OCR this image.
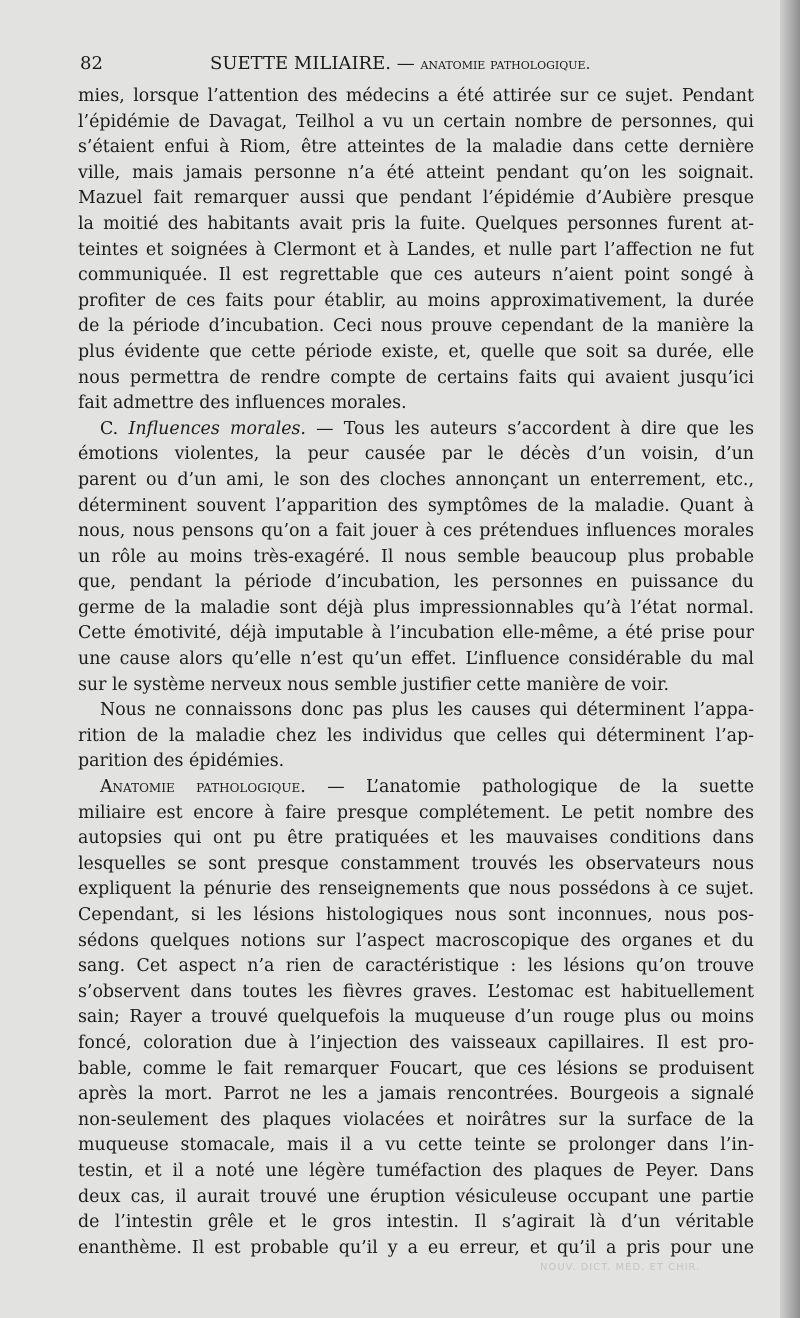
82	SUETTE MILIAIRE. — anatomie pathologique.
mies, lorsque l’attention des médecins a été attirée sur ce sujet. Pendant
l’épidémie de Davagat, Teilhol a vu un certain nombre de personnes, qui
s’étaient enfui à Riom, être atteintes de la maladie dans cette dernière
ville, mais jamais personne n’a été atteint pendant qu’on les soignait.
Mazuel fait remarquer aussi que pendant l’épidémie d’Aubière presque
la moitié des habitants avait pris la fuite. Quelques personnes furent at-
teintes et soignées à Clermont et à Landes, et nulle part l’affection ne fut
communiquée. Il est regrettable que ces auteurs n’aient point songé à
profiter de ces faits pour établir, au moins approximativement, la durée
de la période d’incubation. Ceci nous prouve cependant de la manière la
plus évidente que cette période existe, et, quelle que soit sa durée, elle
nous permettra de rendre compte de certains faits qui avaient jusqu’ici
fait admettre des influences morales.
C. Influences morales. — Tous les auteurs s’accordent à dire que les
émotions violentes, la peur causée par le décès d’un voisin, d’un
parent ou d’un ami, le son des cloches annonçant un enterrement, etc.,
déterminent souvent l’apparition des symptômes de la maladie. Quant à
nous, nous pensons qu’on a fait jouer à ces prétendues influences morales
un rôle au moins très-exagéré. Il nous semble beaucoup plus probable
que, pendant la période d’incubation, les personnes en puissance du
germe de la maladie sont déjà plus impressionnables qu’à l’état normal.
Cette émotivité, déjà imputable à l’incubation elle-même, a été prise pour
une cause alors qu’elle n’est qu’un effet. L’influence considérable du mal
sur le système nerveux nous semble justifier cette manière de voir.
Nous ne connaissons donc pas plus les causes qui déterminent l’appa-
rition de la maladie chez les individus que celles qui déterminent l’ap-
parition des épidémies.
Anatomie pathologique. — L’anatomie pathologique de la suette
miliaire est encore à faire presque complétement. Le petit nombre des
autopsies qui ont pu être pratiquées et les mauvaises conditions dans
lesquelles se sont presque constamment trouvés les observateurs nous
expliquent la pénurie des renseignements que nous possédons à ce sujet.
Cependant, si les lésions histologiques nous sont inconnues, nous pos-
sédons quelques notions sur l’aspect macroscopique des organes et du
sang. Cet aspect n’a rien de caractéristique : les lésions qu’on trouve
s’observent dans toutes les fièvres graves. L’estomac est habituellement
sain; Rayer a trouvé quelquefois la muqueuse d’un rouge plus ou moins
foncé, coloration due à l’injection des vaisseaux capillaires. Il est pro-
bable, comme le fait remarquer Foucart, que ces lésions se produisent
après la mort. Parrot ne les a jamais rencontrées. Bourgeois a signalé
non-seulement des plaques violacées et noirâtres sur la surface de la
muqueuse stomacale, mais il a vu cette teinte se prolonger dans l’in-
testin, et il a noté une légère tuméfaction des plaques de Peyer. Dans
deux cas, il aurait trouvé une éruption vésiculeuse occupant une partie
de l’intestin grêle et le gros intestin. Il s’agirait là d’un véritable
enanthème. Il est probable qu’il y a eu erreur, et qu’il a pris pour une
NOUV. DICT. MÉD. ET CHIR.
